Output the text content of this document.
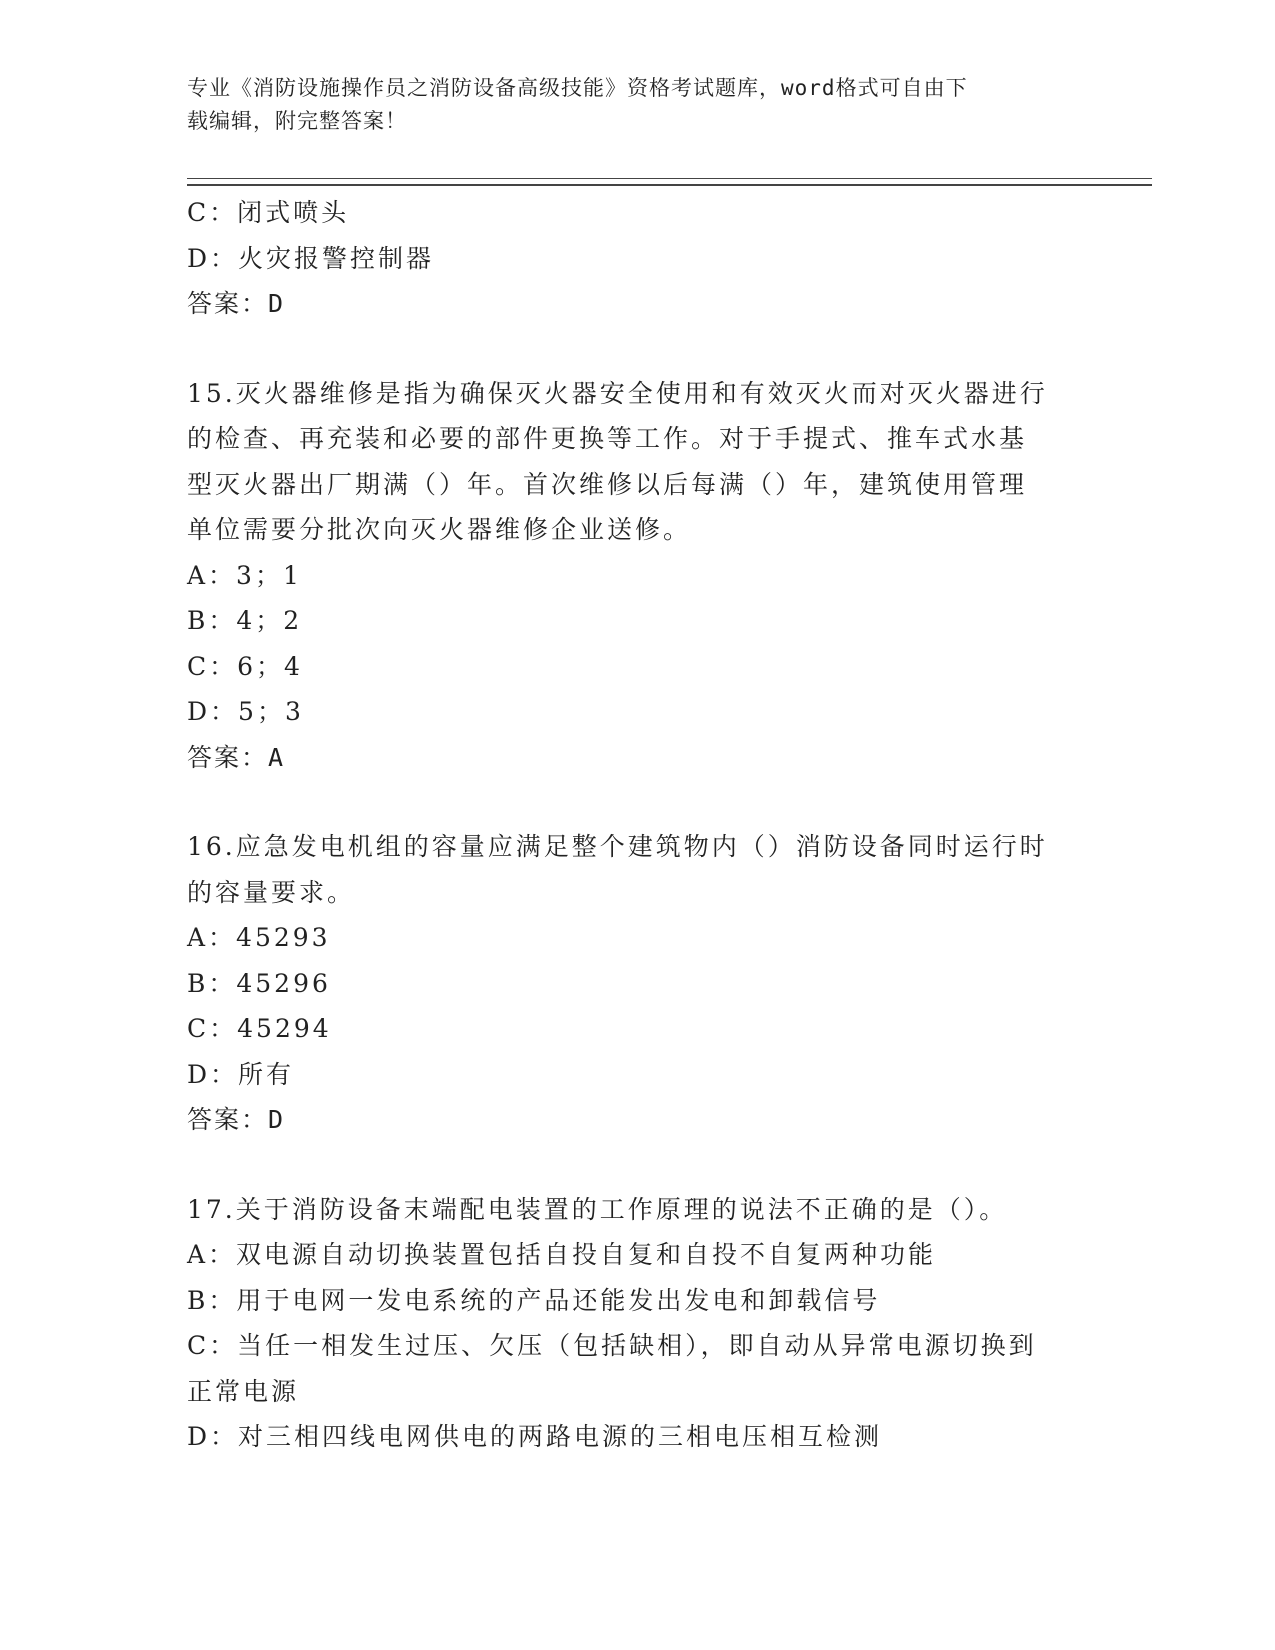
专业《消防设施操作员之消防设备高级技能》资格考试题库，word格式可自由下
载编辑，附完整答案！
C：闭式喷头
D：火灾报警控制器
答案：D
15.灭火器维修是指为确保灭火器安全使用和有效灭火而对灭火器进行
的检查、再充装和必要的部件更换等工作。对于手提式、推车式水基
型灭火器出厂期满（）年。首次维修以后每满（）年，建筑使用管理
单位需要分批次向灭火器维修企业送修。
A：3；1
B：4；2
C：6；4
D：5；3
答案：A
16.应急发电机组的容量应满足整个建筑物内（）消防设备同时运行时
的容量要求。
A：45293
B：45296
C：45294
D：所有
答案：D
17.关于消防设备末端配电装置的工作原理的说法不正确的是（）。
A：双电源自动切换装置包括自投自复和自投不自复两种功能
B：用于电网一发电系统的产品还能发出发电和卸载信号
C：当任一相发生过压、欠压（包括缺相），即自动从异常电源切换到
正常电源
D：对三相四线电网供电的两路电源的三相电压相互检测
